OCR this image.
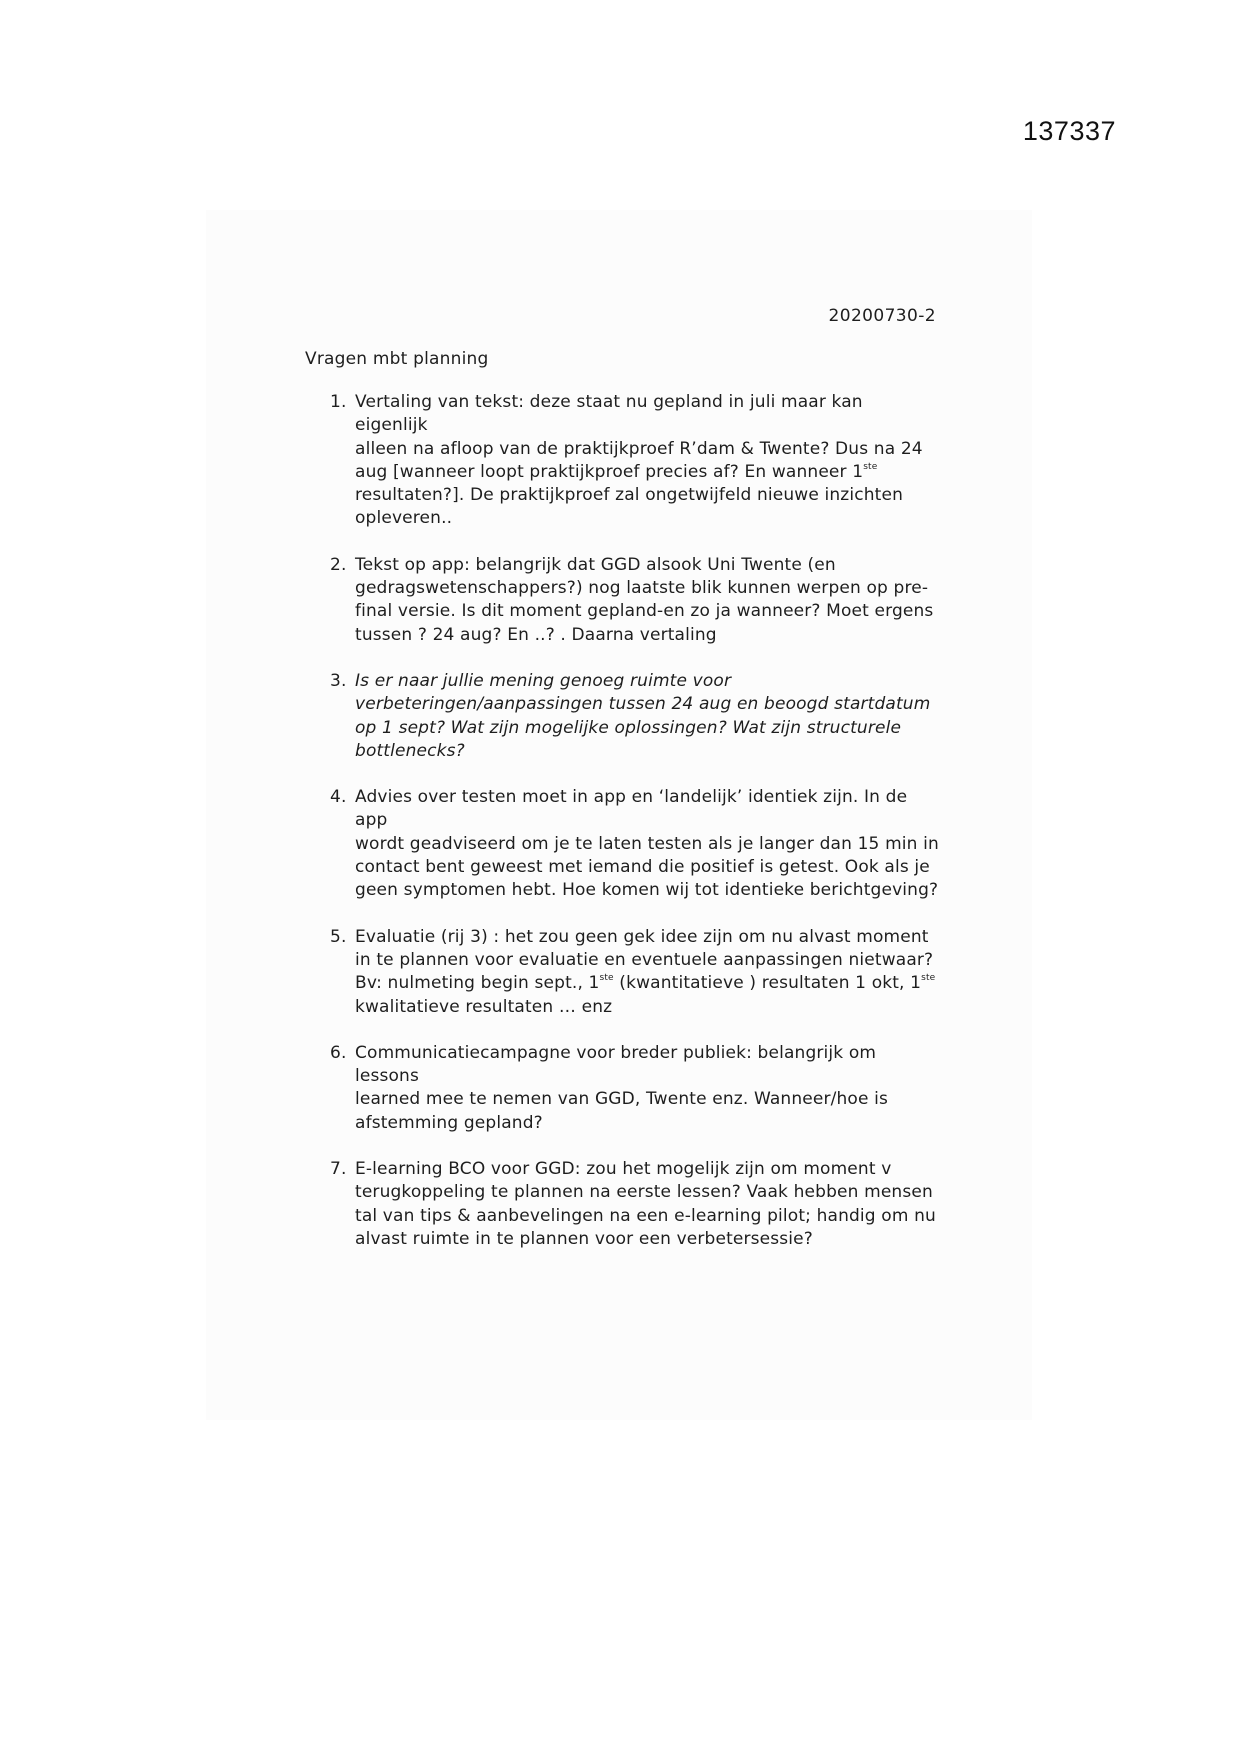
137337
20200730-2
Vragen mbt planning
1. Vertaling van tekst: deze staat nu gepland in juli maar kan eigenlijk
alleen na afloop van de praktijkproef R’dam & Twente? Dus na 24
aug [wanneer loopt praktijkproef precies af? En wanneer 1ste
resultaten?]. De praktijkproef zal ongetwijfeld nieuwe inzichten
opleveren..
2. Tekst op app: belangrijk dat GGD alsook Uni Twente (en
gedragswetenschappers?) nog laatste blik kunnen werpen op pre-
final versie. Is dit moment gepland-en zo ja wanneer? Moet ergens
tussen ? 24 aug? En ..? . Daarna vertaling
3. Is er naar jullie mening genoeg ruimte voor
verbeteringen/aanpassingen tussen 24 aug en beoogd startdatum
op 1 sept? Wat zijn mogelijke oplossingen? Wat zijn structurele
bottlenecks?
4. Advies over testen moet in app en ‘landelijk’ identiek zijn. In de app
wordt geadviseerd om je te laten testen als je langer dan 15 min in
contact bent geweest met iemand die positief is getest. Ook als je
geen symptomen hebt. Hoe komen wij tot identieke berichtgeving?
5. Evaluatie (rij 3) : het zou geen gek idee zijn om nu alvast moment
in te plannen voor evaluatie en eventuele aanpassingen nietwaar?
Bv: nulmeting begin sept., 1ste (kwantitatieve ) resultaten 1 okt, 1ste
kwalitatieve resultaten … enz
6. Communicatiecampagne voor breder publiek: belangrijk om lessons
learned mee te nemen van GGD, Twente enz. Wanneer/hoe is
afstemming gepland?
7. E-learning BCO voor GGD: zou het mogelijk zijn om moment v
terugkoppeling te plannen na eerste lessen? Vaak hebben mensen
tal van tips & aanbevelingen na een e-learning pilot; handig om nu
alvast ruimte in te plannen voor een verbetersessie?
